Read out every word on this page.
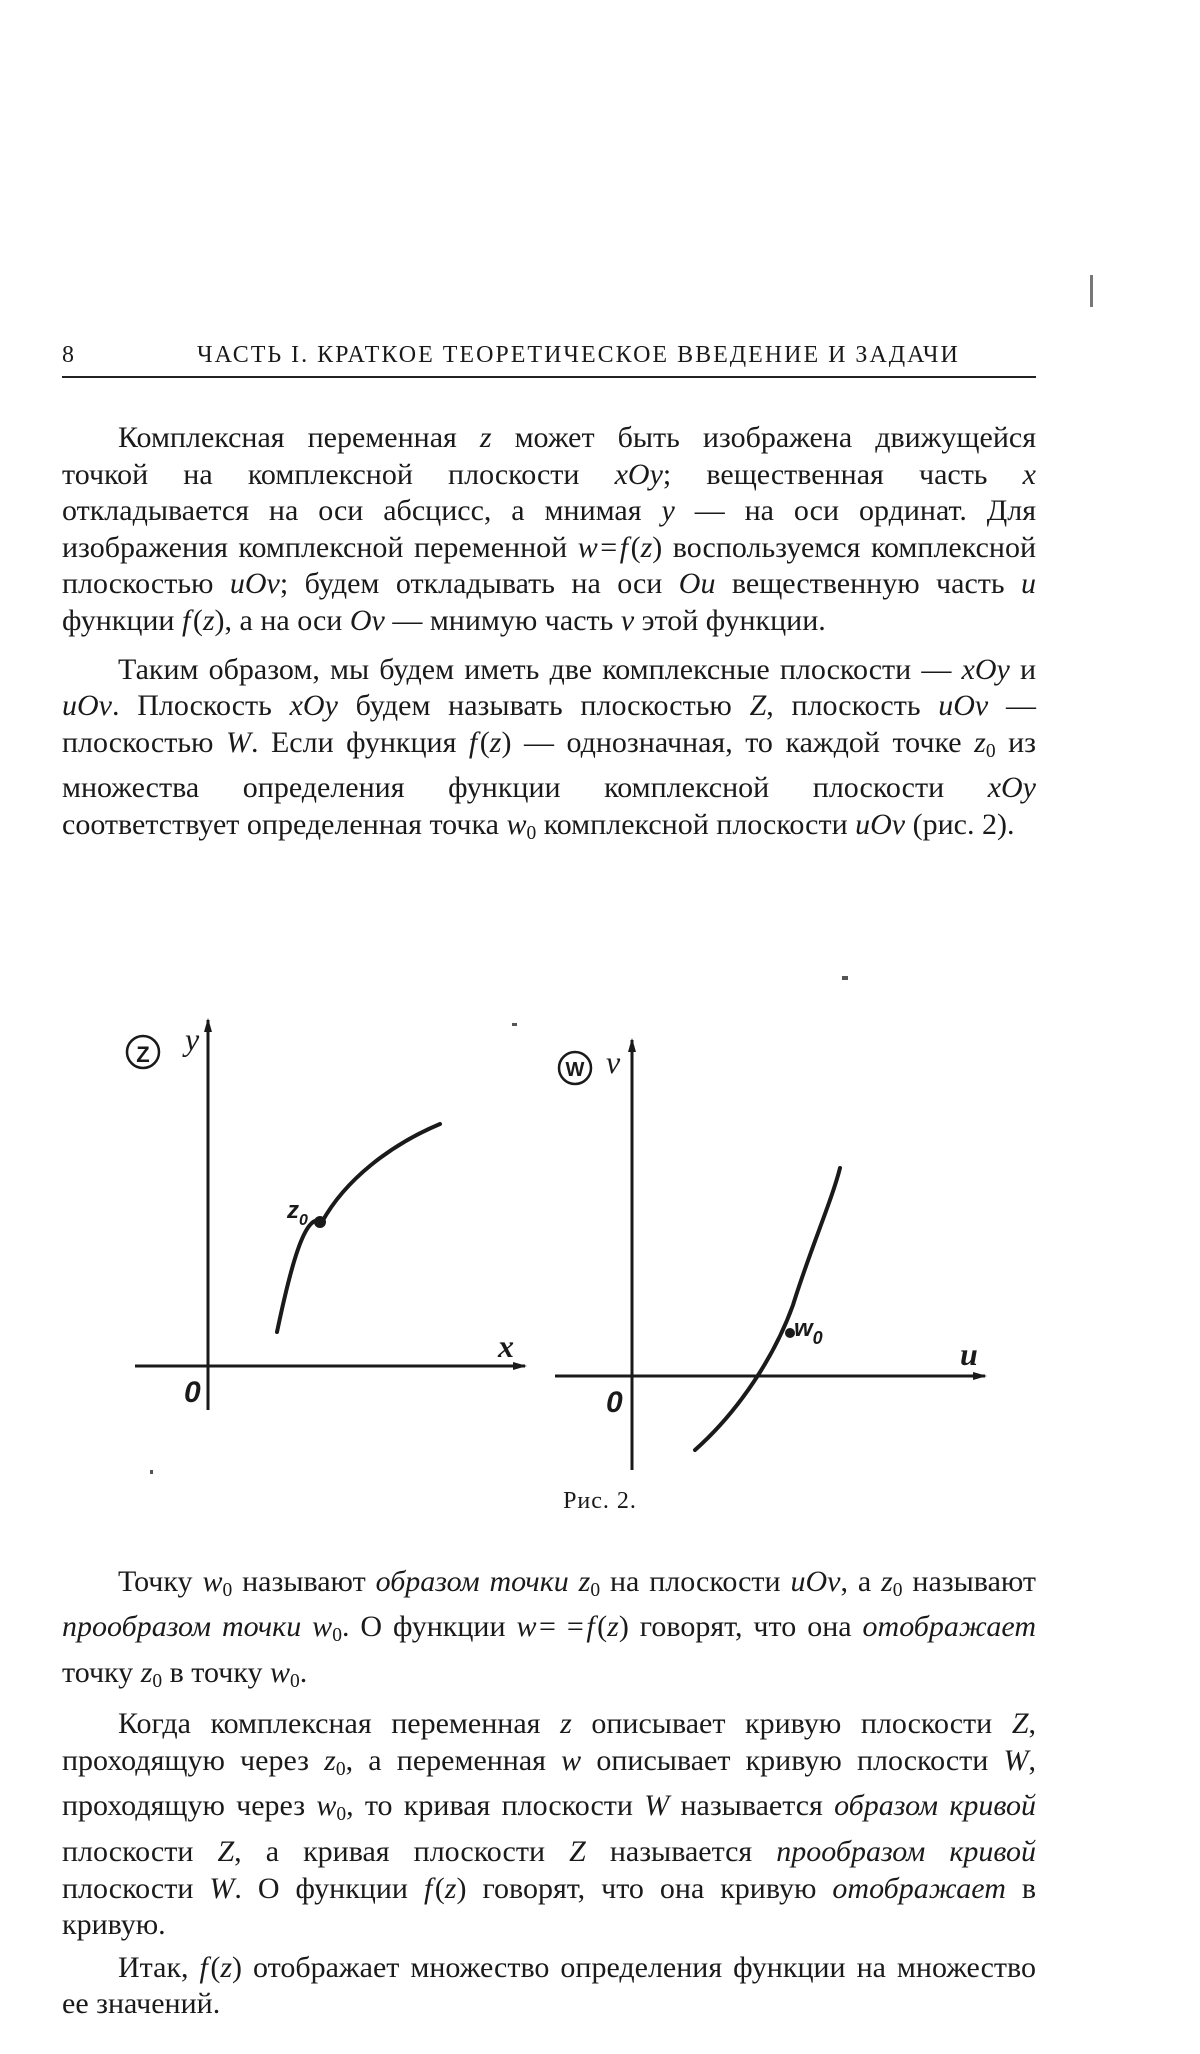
8	ЧАСТЬ I. КРАТКОЕ ТЕОРЕТИЧЕСКОЕ ВВЕДЕНИЕ И ЗАДАЧИ

Комплексная переменная z может быть изображена движущейся точкой на комплексной плоскости xOy; вещественная часть x откладывается на оси абсцисс, а мнимая y — на оси ординат. Для изображения комплексной переменной w = f (z) воспользуемся комплексной плоскостью uOv; будем откладывать на оси Ou вещественную часть u функции f (z), а на оси Ov — мнимую часть v этой функции.

Таким образом, мы будем иметь две комплексные плоскости — xOy и uOv. Плоскость xOy будем называть плоскостью Z, плоскость uOv — плоскостью W. Если функция f (z) — однозначная, то каждой точке $z_0$ из множества определения функции комплексной плоскости xOy соответствует определенная точка $w_0$ комплексной плоскости uOv (рис. 2).

Z y
x
0
$z_0$
W v
u
0
$w_0$
Рис. 2.

Точку $w_0$ называют образом точки $z_0$ на плоскости uOv, а $z_0$ называют прообразом точки $w_0$. О функции w = = f (z) говорят, что она отображает точку $z_0$ в точку $w_0$.

Когда комплексная переменная z описывает кривую плоскости Z, проходящую через $z_0$, а переменная w описывает кривую плоскости W, проходящую через $w_0$, то кривая плоскости W называется образом кривой плоскости Z, а кривая плоскости Z называется прообразом кривой плоскости W. О функции f (z) говорят, что она кривую отображает в кривую.

Итак, f (z) отображает множество определения функции на множество ее значений.
